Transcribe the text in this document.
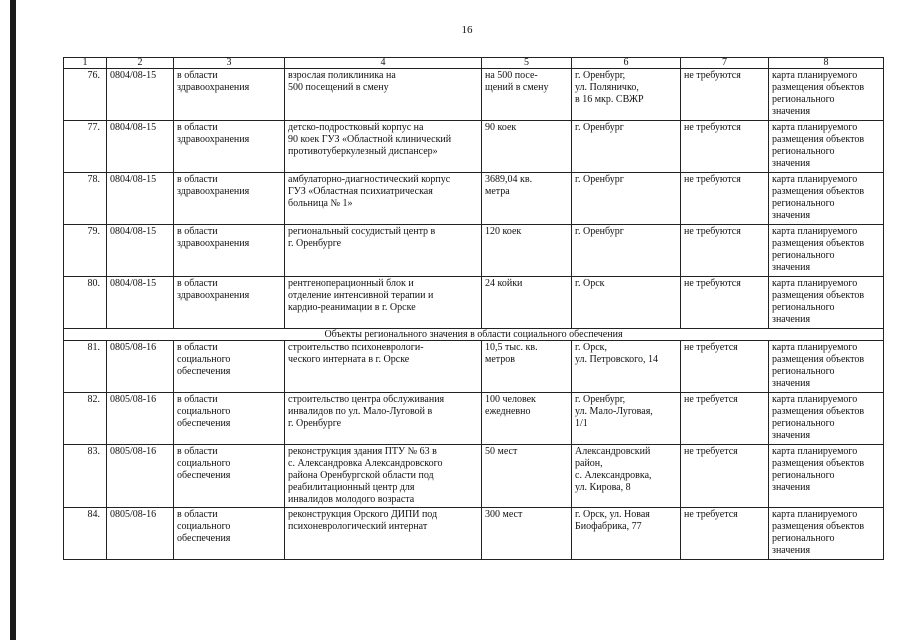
16
1	2	3	4	5	6	7	8
76.	0804/08-15	в области
здравоохранения	взрослая поликлиника на
500 посещений в смену	на 500 посе-
щений в смену	г. Оренбург,
ул. Поляничко,
в 16 мкр. СВЖР	не требуются	карта планируемого
размещения объектов
регионального
значения
77.	0804/08-15	в области
здравоохранения	детско-подростковый корпус на
90 коек ГУЗ «Областной клинический
противотуберкулезный диспансер»	90 коек	г. Оренбург	не требуются	карта планируемого
размещения объектов
регионального
значения
78.	0804/08-15	в области
здравоохранения	амбулаторно-диагностический корпус
ГУЗ «Областная психиатрическая
больница № 1»	3689,04 кв.
метра	г. Оренбург	не требуются	карта планируемого
размещения объектов
регионального
значения
79.	0804/08-15	в области
здравоохранения	региональный сосудистый центр в
г. Оренбурге	120 коек	г. Оренбург	не требуются	карта планируемого
размещения объектов
регионального
значения
80.	0804/08-15	в области
здравоохранения	рентгеноперационный блок и
отделение интенсивной терапии и
кардио-реанимации в г. Орске	24 койки	г. Орск	не требуются	карта планируемого
размещения объектов
регионального
значения
Объекты регионального значения в области социального обеспечения							
81.	0805/08-16	в области
социального
обеспечения	строительство психоневрологи-
ческого интерната в г. Орске	10,5 тыс. кв.
метров	г. Орск,
ул. Петровского, 14	не требуется	карта планируемого
размещения объектов
регионального
значения
82.	0805/08-16	в области
социального
обеспечения	строительство центра обслуживания
инвалидов по ул. Мало-Луговой в
г. Оренбурге	100 человек
ежедневно	г. Оренбург,
ул. Мало-Луговая,
1/1	не требуется	карта планируемого
размещения объектов
регионального
значения
83.	0805/08-16	в области
социального
обеспечения	реконструкция здания ПТУ № 63 в
с. Александровка Александровского
района Оренбургской области под
реабилитационный центр для
инвалидов молодого возраста	50 мест	Александровский
район,
с. Александровка,
ул. Кирова, 8	не требуется	карта планируемого
размещения объектов
регионального
значения
84.	0805/08-16	в области
социального
обеспечения	реконструкция Орского ДИПИ под
психоневрологический интернат	300 мест	г. Орск, ул. Новая
Биофабрика, 77	не требуется	карта планируемого
размещения объектов
регионального
значения
